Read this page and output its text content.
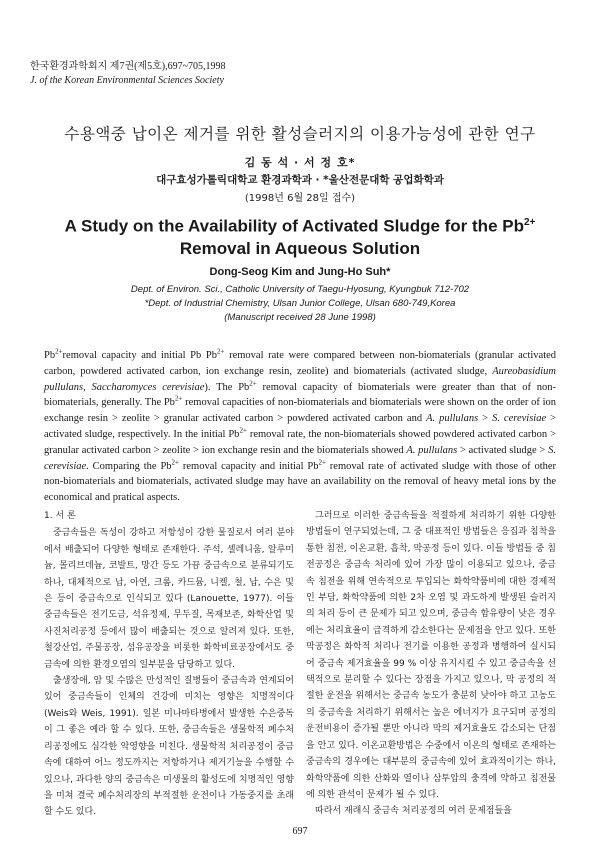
한국환경과학회지 제7권(제5호),697~705,1998
J. of the Korean Environmental Sciences Society
수용액중 납이온 제거를 위한 활성슬러지의 이용가능성에 관한 연구
김 동 석 · 서 정 호*
대구효성가톨릭대학교 환경과학과 · *울산전문대학 공업화학과
(1998년 6월 28일 접수)
A Study on the Availability of Activated Sludge for the $Pb^{2+}$
Removal in Aqueous Solution
Dong-Seog Kim and Jung-Ho Suh*
Dept. of Environ. Sci., Catholic University of Taegu-Hyosung, Kyungbuk 712-702
*Dept. of Industrial Chemistry, Ulsan Junior College, Ulsan 680-749,Korea
(Manuscript received 28 June 1998)
$Pb^{2+}removal$ capacity and initial Pb $Pb^{2+}$ removal rate were compared between non-biomaterials (granular activated carbon, powdered activated carbon, ion exchange resin, zeolite) and biomaterials (activated sludge, Aureobasidium pullulans, Saccharomyces cerevisiae). The $Pb^{2+}$ removal capacity of biomaterials were greater than that of non-biomaterials, generally. The $Pb^{2+}$ removal capacities of non-biomaterials and biomaterials were shown on the order of ion exchange resin > zeolite > granular activated carbon > powdered activated carbon and A. pullulans > S. cerevisiae > activated sludge, respectively. In the initial $Pb^{2+}$ removal rate, the non-biomaterials showed powdered activated carbon > granular activated carbon > zeolite > ion exchange resin and the biomaterials showed A. pullulans > activated sludge > S. cerevisiae. Comparing the $Pb^{2+}$ removal capacity and initial $Pb^{2+}$ removal rate of activated sludge with those of other non-biomaterials and biomaterials, activated sludge may have an availability on the removal of heavy metal ions by the economical and pratical aspects.

1. 서 론

중금속들은 독성이 강하고 저항성이 강한 물질로서 여러 분야에서 배출되어 다양한 형태로 존재한다. 주석, 셀레니움, 알루미늄, 몰리브데늄, 코발트, 망간 등도 가끔 중금속으로 분류되기도 하나, 대체적으로 납, 아연, 크롬, 카드뮴, 니켈, 철, 납, 수은 및 은 등이 중금속으로 인식되고 있다 (Lanouette, 1977). 이들 중금속들은 전기도금, 석유정제, 무두질, 목재보존, 화학산업 및 사진처리공정 등에서 많이 배출되는 것으로 알려져 있다. 또한, 철강산업, 주물공장, 섬유공장을 비롯한 화학비료공장에서도 중금속에 의한 환경오염의 일부분을 담당하고 있다.

출생장애, 암 및 수많은 만성적인 질병들이 중금속과 연계되어 있어 중금속들이 인체의 건강에 미치는 영향은 치명적이다 (Weis와 Weis, 1991). 일본 미나마타병에서 발생한 수은중독이 그 좋은 예라 할 수 있다. 또한, 중금속들은 생물학적 폐수처리공정에도 심각한 악영향을 미친다. 생물학적 처리공정이 중금속에 대하여 어느 정도까지는 저항하거나 제거기능을 수행할 수 있으나, 과다한 양의 중금속은 미생물의 활성도에 치명적인 영향을 미쳐 결국 폐수처리장의 부적절한 운전이나 가동중지를 초래할 수도 있다.

그러므로 이러한 중금속들을 적절하게 처리하기 위한 다양한 방법들이 연구되었는데, 그 중 대표적인 방법들은 응집과 침착을 통한 침전, 이온교환, 흡착, 막공정 등이 있다. 이들 방법들 중 침전공정은 중금속 처리에 있어 가장 많이 이용되고 있으나, 중금속 침전을 위해 연속적으로 투입되는 화학약품비에 대한 경제적인 부담, 화학약품에 의한 2차 오염 및 과도하게 발생된 슬러지의 처리 등이 큰 문제가 되고 있으며, 중금속 함유량이 낮은 경우에는 처리효율이 급격하게 감소한다는 문제점을 안고 있다. 또한 막공정은 화학적 처리나 전기를 이용한 공정과 병행하여 실시되어 중금속 제거효율을 99 % 이상 유지시킬 수 있고 중금속을 선택적으로 분리할 수 있다는 장점을 가지고 있으나, 막 공정의 적절한 운전을 위해서는 중금속 농도가 충분히 낮아야 하고 고농도의 중금속을 처리하기 위해서는 높은 에너지가 요구되며 공정의 운전비용이 증가될 뿐만 아니라 막의 제거효율도 감소되는 단점을 안고 있다. 이온교환방법은 수중에서 이온의 형태로 존재하는 중금속의 경우에는 대부분의 중금속에 있어 효과적이기는 하나, 화학약품에 의한 산화와 열이나 삼투압의 충격에 약하고 침전물에 의한 관석이 문제가 될 수 있다.

따라서 재래식 중금속 처리공정의 여러 문제점들을

697
